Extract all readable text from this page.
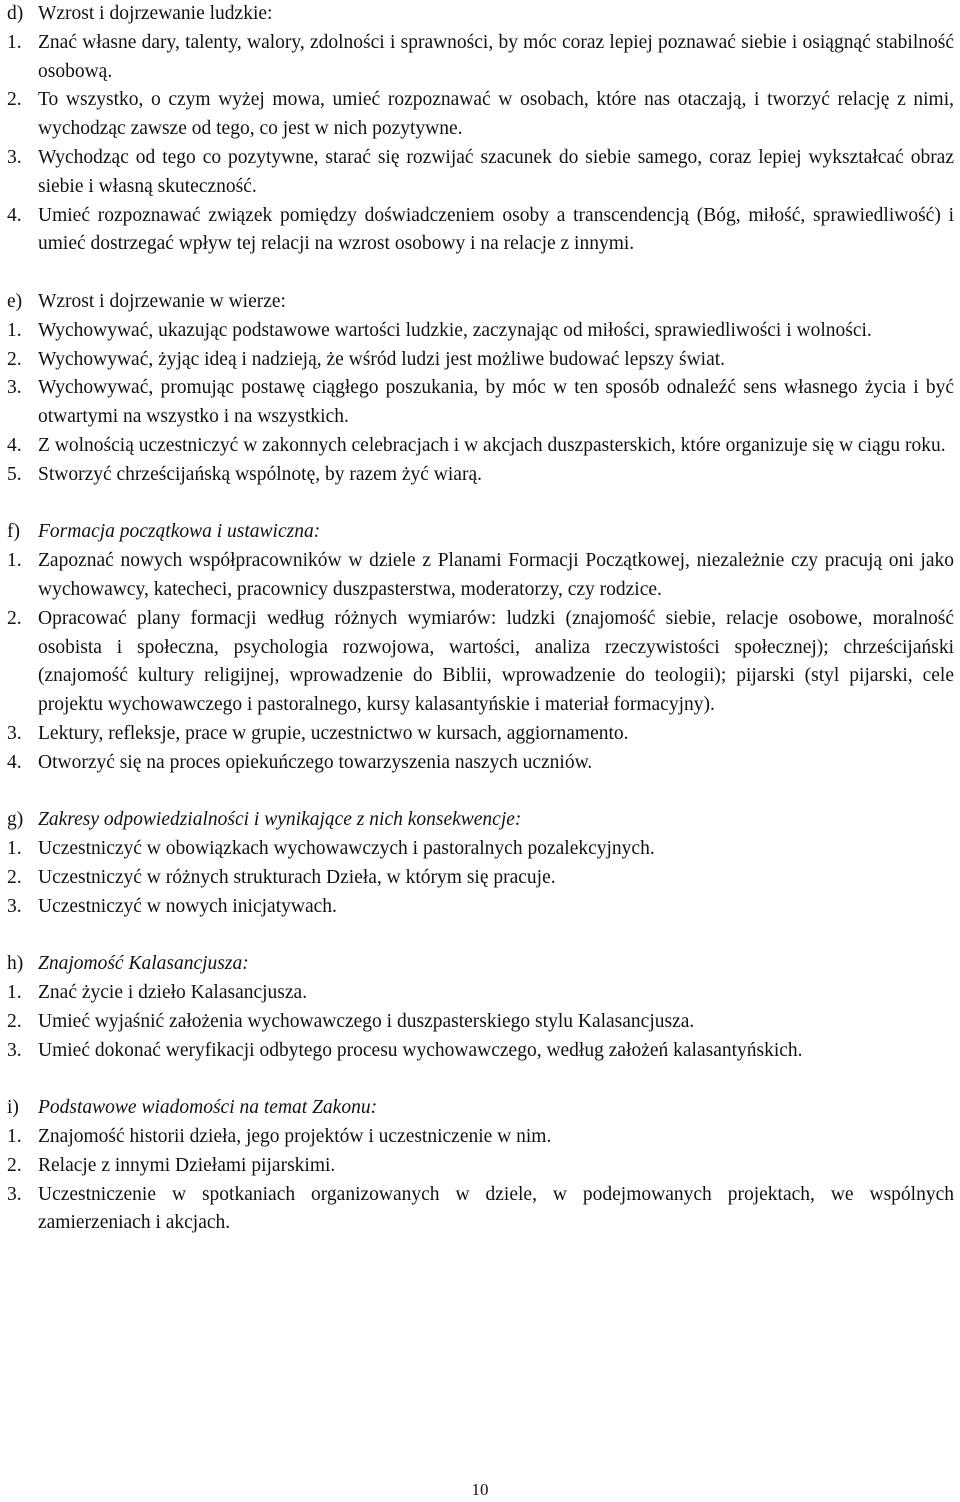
d) Wzrost i dojrzewanie ludzkie:
1. Znać własne dary, talenty, walory, zdolności i sprawności, by móc coraz lepiej poznawać siebie i osiągnąć stabilność osobową.
2. To wszystko, o czym wyżej mowa, umieć rozpoznawać w osobach, które nas otaczają, i tworzyć relację z nimi, wychodząc zawsze od tego, co jest w nich pozytywne.
3. Wychodząc od tego co pozytywne, starać się rozwijać szacunek do siebie samego, coraz lepiej wykształcać obraz siebie i własną skuteczność.
4. Umieć rozpoznawać związek pomiędzy doświadczeniem osoby a transcendencją (Bóg, miłość, sprawiedliwość) i umieć dostrzegać wpływ tej relacji na wzrost osobowy i na relacje z innymi.
e) Wzrost i dojrzewanie w wierze:
1. Wychowywać, ukazując podstawowe wartości ludzkie, zaczynając od miłości, sprawiedliwości i wolności.
2. Wychowywać, żyjąc ideą i nadzieją, że wśród ludzi jest możliwe budować lepszy świat.
3. Wychowywać, promując postawę ciągłego poszukania, by móc w ten sposób odnaleźć sens własnego życia i być otwartymi na wszystko i na wszystkich.
4. Z wolnością uczestniczyć w zakonnych celebracjach i w akcjach duszpasterskich, które organizuje się w ciągu roku.
5. Stworzyć chrześcijańską wspólnotę, by razem żyć wiarą.
f) Formacja początkowa i ustawiczna:
1. Zapoznać nowych współpracowników w dziele z Planami Formacji Początkowej, niezależnie czy pracują oni jako wychowawcy, katecheci, pracownicy duszpasterstwa, moderatorzy, czy rodzice.
2. Opracować plany formacji według różnych wymiarów: ludzki (znajomość siebie, relacje osobowe, moralność osobista i społeczna, psychologia rozwojowa, wartości, analiza rzeczywistości społecznej); chrześcijański (znajomość kultury religijnej, wprowadzenie do Biblii, wprowadzenie do teologii); pijarski (styl pijarski, cele projektu wychowawczego i pastoralnego, kursy kalasantyńskie i materiał formacyjny).
3. Lektury, refleksje, prace w grupie, uczestnictwo w kursach, aggiornamento.
4. Otworzyć się na proces opiekuńczego towarzyszenia naszych uczniów.
g) Zakresy odpowiedzialności i wynikające z nich konsekwencje:
1. Uczestniczyć w obowiązkach wychowawczych i pastoralnych pozalekcyjnych.
2. Uczestniczyć w różnych strukturach Dzieła, w którym się pracuje.
3. Uczestniczyć w nowych inicjatywach.
h) Znajomość Kalasancjusza:
1. Znać życie i dzieło Kalasancjusza.
2. Umieć wyjaśnić założenia wychowawczego i duszpasterskiego stylu Kalasancjusza.
3. Umieć dokonać weryfikacji odbytego procesu wychowawczego, według założeń kalasantyńskich.
i) Podstawowe wiadomości na temat Zakonu:
1. Znajomość historii dzieła, jego projektów i uczestniczenie w nim.
2. Relacje z innymi Dziełami pijarskimi.
3. Uczestniczenie w spotkaniach organizowanych w dziele, w podejmowanych projektach, we wspólnych zamierzeniach i akcjach.
10
